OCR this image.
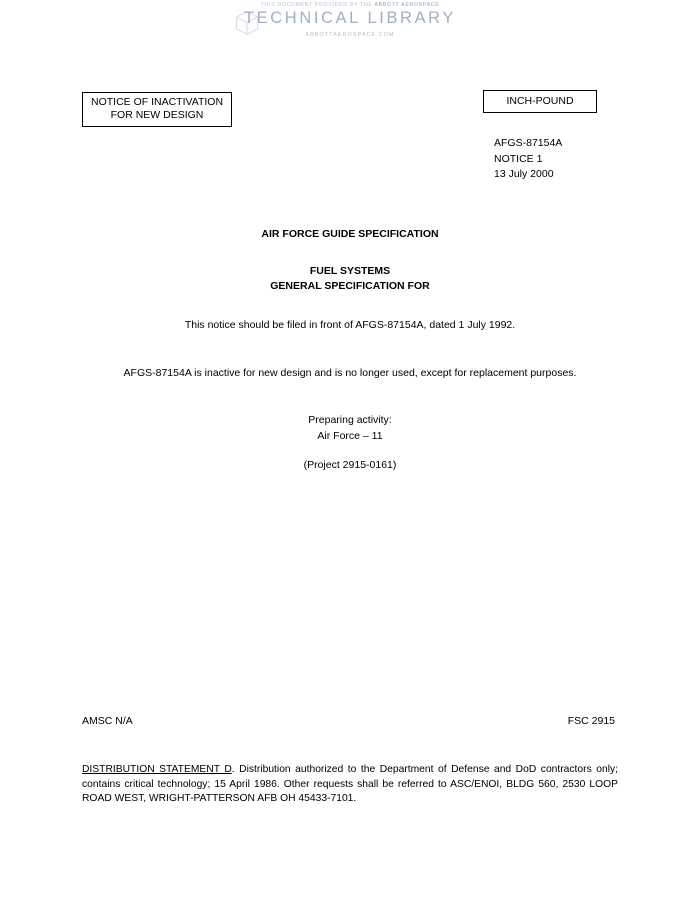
THIS DOCUMENT PROVIDED BY THE ABBOTT AEROSPACE
TECHNICAL LIBRARY
ABBOTTAEROSPACE.COM
NOTICE OF INACTIVATION
FOR NEW DESIGN
INCH-POUND
AFGS-87154A
NOTICE 1
13 July 2000
AIR FORCE GUIDE SPECIFICATION
FUEL SYSTEMS
GENERAL SPECIFICATION FOR
This notice should be filed in front of AFGS-87154A, dated 1 July 1992.
AFGS-87154A is inactive for new design and is no longer used, except for replacement purposes.
Preparing activity:
Air Force – 11
(Project 2915-0161)
AMSC N/A	FSC 2915
DISTRIBUTION STATEMENT D. Distribution authorized to the Department of Defense and DoD contractors only; contains critical technology; 15 April 1986. Other requests shall be referred to ASC/ENOI, BLDG 560, 2530 LOOP ROAD WEST, WRIGHT-PATTERSON AFB OH 45433-7101.
